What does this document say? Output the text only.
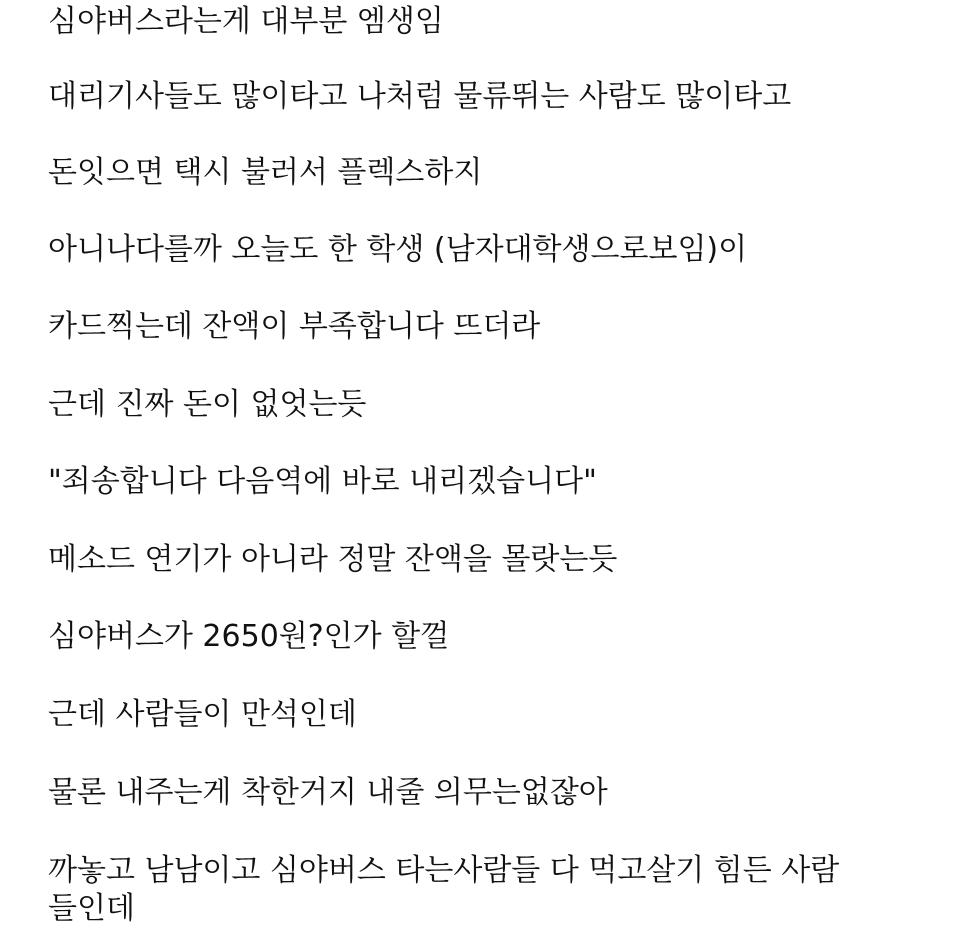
심야버스라는게 대부분 엠생임
대리기사들도 많이타고 나처럼 물류뛰는 사람도 많이타고
돈잇으면 택시 불러서 플렉스하지
아니나다를까 오늘도 한 학생 (남자대학생으로보임)이
카드찍는데 잔액이 부족합니다 뜨더라
근데 진짜 돈이 없엇는듯
"죄송합니다 다음역에 바로 내리겠습니다"
메소드 연기가 아니라 정말 잔액을 몰랏는듯
심야버스가 2650원?인가 할껄
근데 사람들이 만석인데
물론 내주는게 착한거지 내줄 의무는없잖아
까놓고 남남이고 심야버스 타는사람들 다 먹고살기 힘든 사람
들인데
